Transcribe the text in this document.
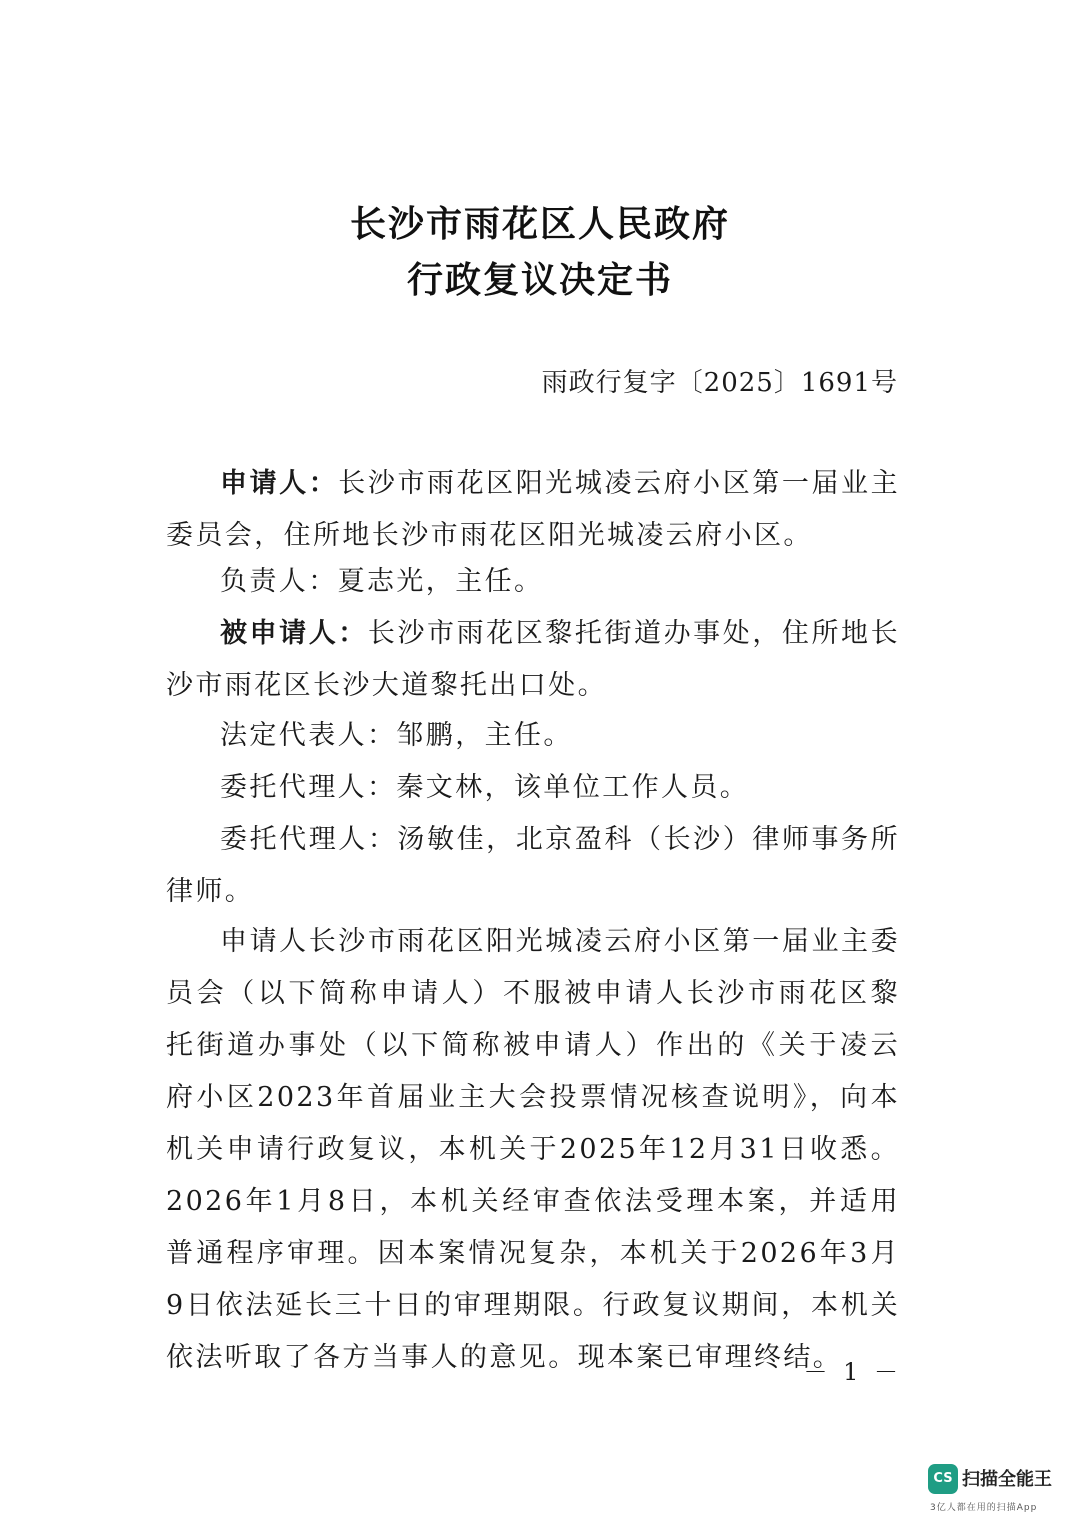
长沙市雨花区人民政府
行政复议决定书
雨政行复字〔2025〕1691号
申请人：长沙市雨花区阳光城凌云府小区第一届业主委员会，住所地长沙市雨花区阳光城凌云府小区。
负责人：夏志光，主任。
被申请人：长沙市雨花区黎托街道办事处，住所地长沙市雨花区长沙大道黎托出口处。
法定代表人：邹鹏，主任。
委托代理人：秦文林，该单位工作人员。
委托代理人：汤敏佳，北京盈科（长沙）律师事务所律师。
申请人长沙市雨花区阳光城凌云府小区第一届业主委员会（以下简称申请人）不服被申请人长沙市雨花区黎托街道办事处（以下简称被申请人）作出的《关于凌云府小区2023年首届业主大会投票情况核查说明》，向本机关申请行政复议，本机关于2025年12月31日收悉。2026年1月8日，本机关经审查依法受理本案，并适用普通程序审理。因本案情况复杂，本机关于2026年3月9日依法延长三十日的审理期限。行政复议期间，本机关依法听取了各方当事人的意见。现本案已审理终结。
－ 1 －
CS 扫描全能王
3亿人都在用的扫描App
